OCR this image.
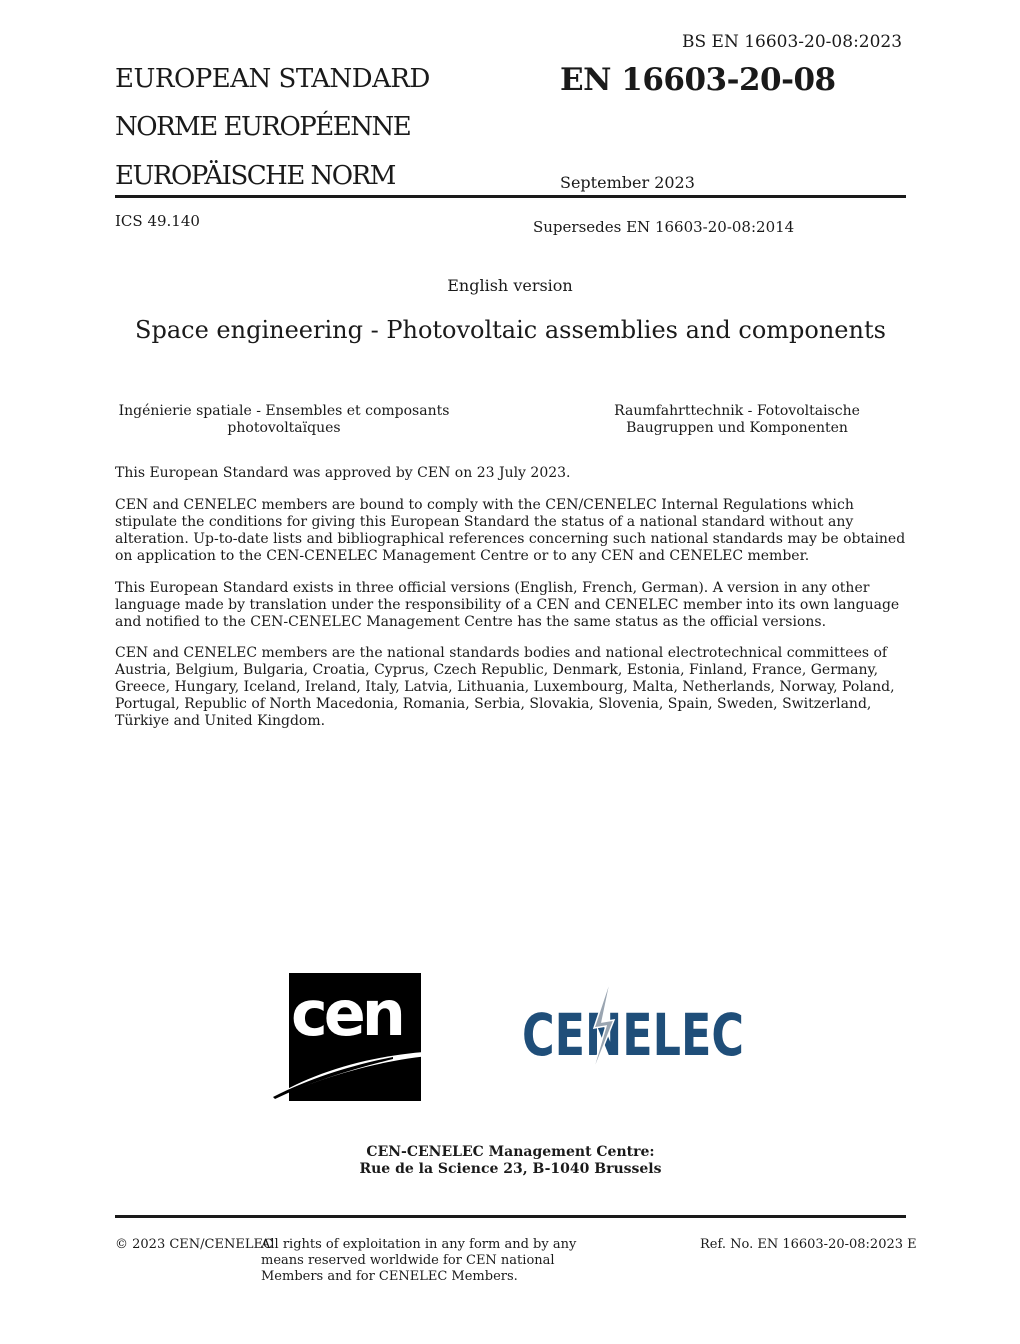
BS EN 16603-20-08:2023
EUROPEAN STANDARD
NORME EUROPÉENNE
EUROPÄISCHE NORM
EN 16603-20-08
September 2023
ICS 49.140	Supersedes EN 16603-20-08:2014
English version
Space engineering - Photovoltaic assemblies and components
Ingénierie spatiale - Ensembles et composants photovoltaïques
Raumfahrttechnik - Fotovoltaische Baugruppen und Komponenten
This European Standard was approved by CEN on 23 July 2023.
CEN and CENELEC members are bound to comply with the CEN/CENELEC Internal Regulations which stipulate the conditions for giving this European Standard the status of a national standard without any alteration. Up-to-date lists and bibliographical references concerning such national standards may be obtained on application to the CEN-CENELEC Management Centre or to any CEN and CENELEC member.
This European Standard exists in three official versions (English, French, German). A version in any other language made by translation under the responsibility of a CEN and CENELEC member into its own language and notified to the CEN-CENELEC Management Centre has the same status as the official versions.
CEN and CENELEC members are the national standards bodies and national electrotechnical committees of Austria, Belgium, Bulgaria, Croatia, Cyprus, Czech Republic, Denmark, Estonia, Finland, France, Germany, Greece, Hungary, Iceland, Ireland, Italy, Latvia, Lithuania, Luxembourg, Malta, Netherlands, Norway, Poland, Portugal, Republic of North Macedonia, Romania, Serbia, Slovakia, Slovenia, Spain, Sweden, Switzerland, Türkiye and United Kingdom.
cen CENELEC
CEN-CENELEC Management Centre:
Rue de la Science 23, B-1040 Brussels
© 2023 CEN/CENELEC
All rights of exploitation in any form and by any means reserved worldwide for CEN national Members and for CENELEC Members.
Ref. No. EN 16603-20-08:2023 E
